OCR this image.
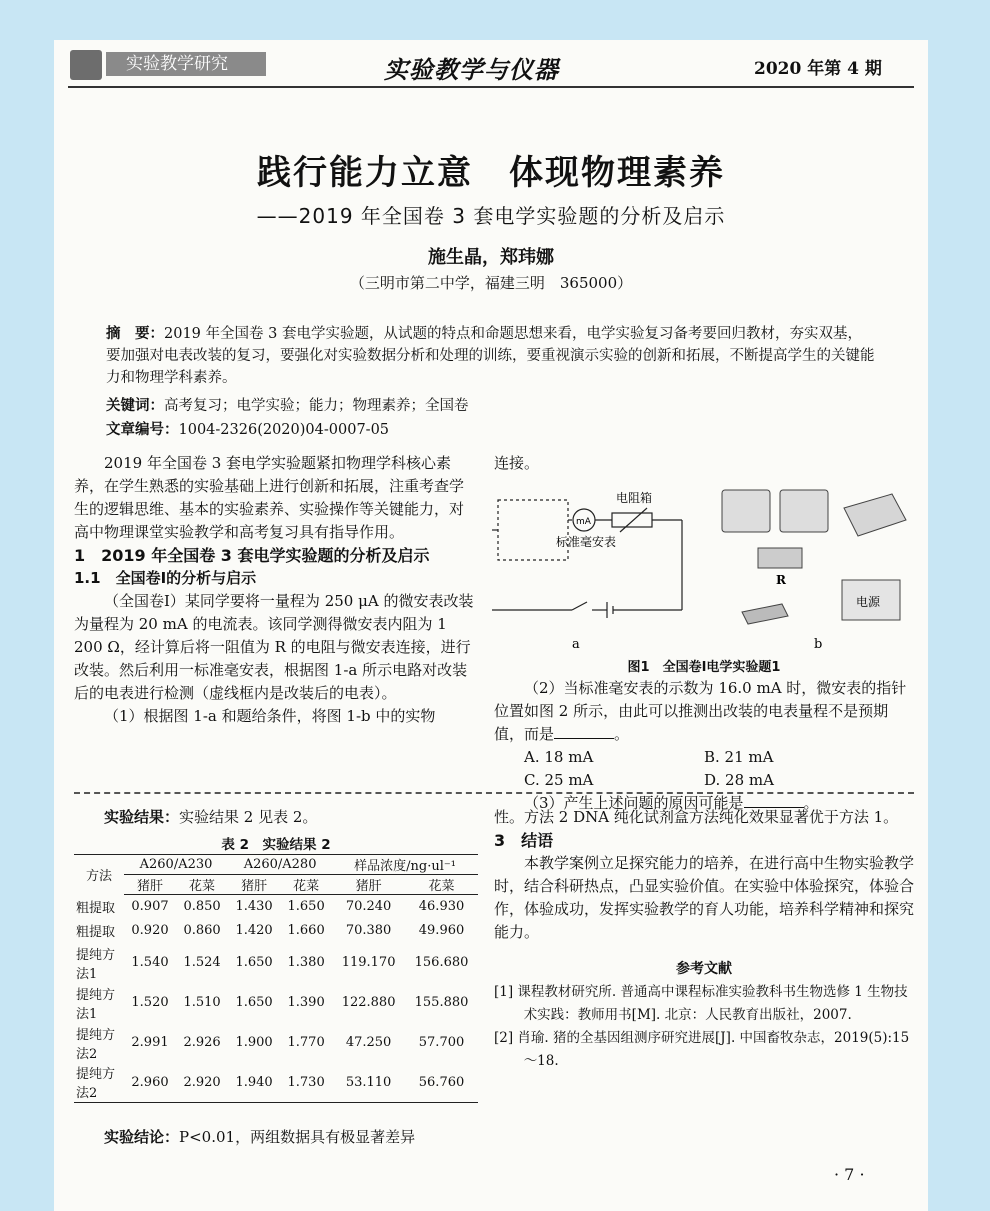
实验教学研究	实验教学与仪器	2020 年第 4 期
践行能力立意　体现物理素养
——2019 年全国卷 3 套电学实验题的分析及启示
施生晶，郑玮娜
（三明市第二中学，福建三明　365000）
摘　要：2019 年全国卷 3 套电学实验题，从试题的特点和命题思想来看，电学实验复习备考要回归教材，夯实双基，要加强对电表改装的复习，要强化对实验数据分析和处理的训练，要重视演示实验的创新和拓展，不断提高学生的关键能力和物理学科素养。
关键词：高考复习；电学实验；能力；物理素养；全国卷
文章编号：1004-2326(2020)04-0007-05
2019 年全国卷 3 套电学实验题紧扣物理学科核心素养，在学生熟悉的实验基础上进行创新和拓展，注重考查学生的逻辑思维、基本的实验素养、实验操作等关键能力，对高中物理课堂实验教学和高考复习具有指导作用。
1　2019 年全国卷 3 套电学实验题的分析及启示
1.1　全国卷Ⅰ的分析与启示
（全国卷Ⅰ）某同学要将一量程为 250 μA 的微安表改装为量程为 20 mA 的电流表。该同学测得微安表内阻为 1 200 Ω，经计算后将一阻值为 R 的电阻与微安表连接，进行改装。然后利用一标准毫安表，根据图 1-a 所示电路对改装后的电表进行检测（虚线框内是改装后的电表）。
（1）根据图 1-a 和题给条件，将图 1-b 中的实物
连接。
电阻箱
mA
标准毫安表
a
R
电源
b
图1　全国卷Ⅰ电学实验题1
（2）当标准毫安表的示数为 16.0 mA 时，微安表的指针位置如图 2 所示，由此可以推测出改装的电表量程不是预期值，而是	。
A. 18 mA	B. 21 mA
C. 25 mA	D. 28 mA
（3）产生上述问题的原因可能是	。
实验结果：实验结果 2 见表 2。
表 2　实验结果 2
方法	A260/A230		A260/A280		样品浓度/ng·ul⁻¹	
	猪肝	花菜	猪肝	花菜	猪肝	花菜
粗提取	0.907	0.850	1.430	1.650	70.240	46.930
粗提取	0.920	0.860	1.420	1.660	70.380	49.960
提纯方法1	1.540	1.524	1.650	1.380	119.170	156.680
提纯方法1	1.520	1.510	1.650	1.390	122.880	155.880
提纯方法2	2.991	2.926	1.900	1.770	47.250	57.700
提纯方法2	2.960	2.920	1.940	1.730	53.110	56.760
实验结论：P<0.01，两组数据具有极显著差异
性。方法 2 DNA 纯化试剂盒方法纯化效果显著优于方法 1。
3　结语
本教学案例立足探究能力的培养，在进行高中生物实验教学时，结合科研热点，凸显实验价值。在实验中体验探究，体验合作，体验成功，发挥实验教学的育人功能，培养科学精神和探究能力。
参考文献
[1] 课程教材研究所. 普通高中课程标准实验教科书生物选修 1 生物技术实践：教师用书[M]. 北京：人民教育出版社，2007.
[2] 肖瑜. 猪的全基因组测序研究进展[J]. 中国畜牧杂志，2019(5):15～18.
· 7 ·
